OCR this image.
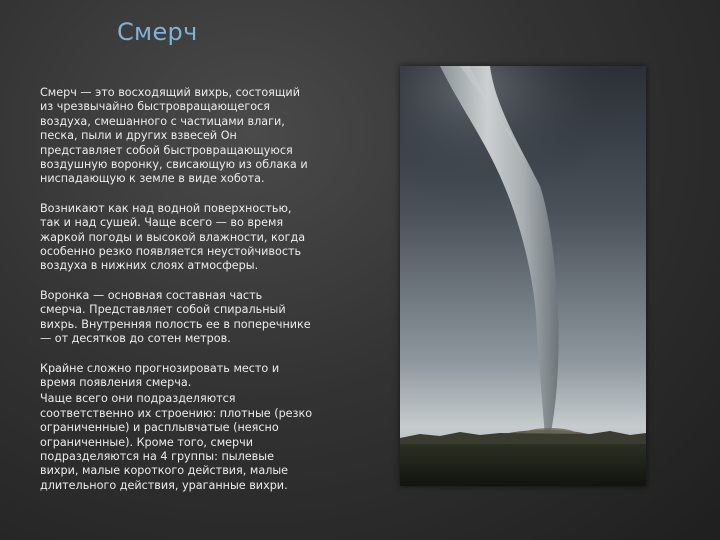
Смерч

Смерч — это восходящий вихрь, состоящий
из чрезвычайно быстровращающегося
воздуха, смешанного с частицами влаги,
песка, пыли и других взвесей Он
представляет собой быстровращающуюся
воздушную воронку, свисающую из облака и
ниспадающую к земле в виде хобота.

Возникают как над водной поверхностью,
так и над сушей. Чаще всего — во время
жаркой погоды и высокой влажности, когда
особенно резко появляется неустойчивость
воздуха в нижних слоях атмосферы.

Воронка — основная составная часть
смерча. Представляет собой спиральный
вихрь. Внутренняя полость ее в поперечнике
— от десятков до сотен метров.

Крайне сложно прогнозировать место и
время появления смерча.

Чаще всего они подразделяются
соответственно их строению: плотные (резко
ограниченные) и расплывчатые (неясно
ограниченные). Кроме того, смерчи
подразделяются на 4 группы: пылевые
вихри, малые короткого действия, малые
длительного действия, ураганные вихри.
